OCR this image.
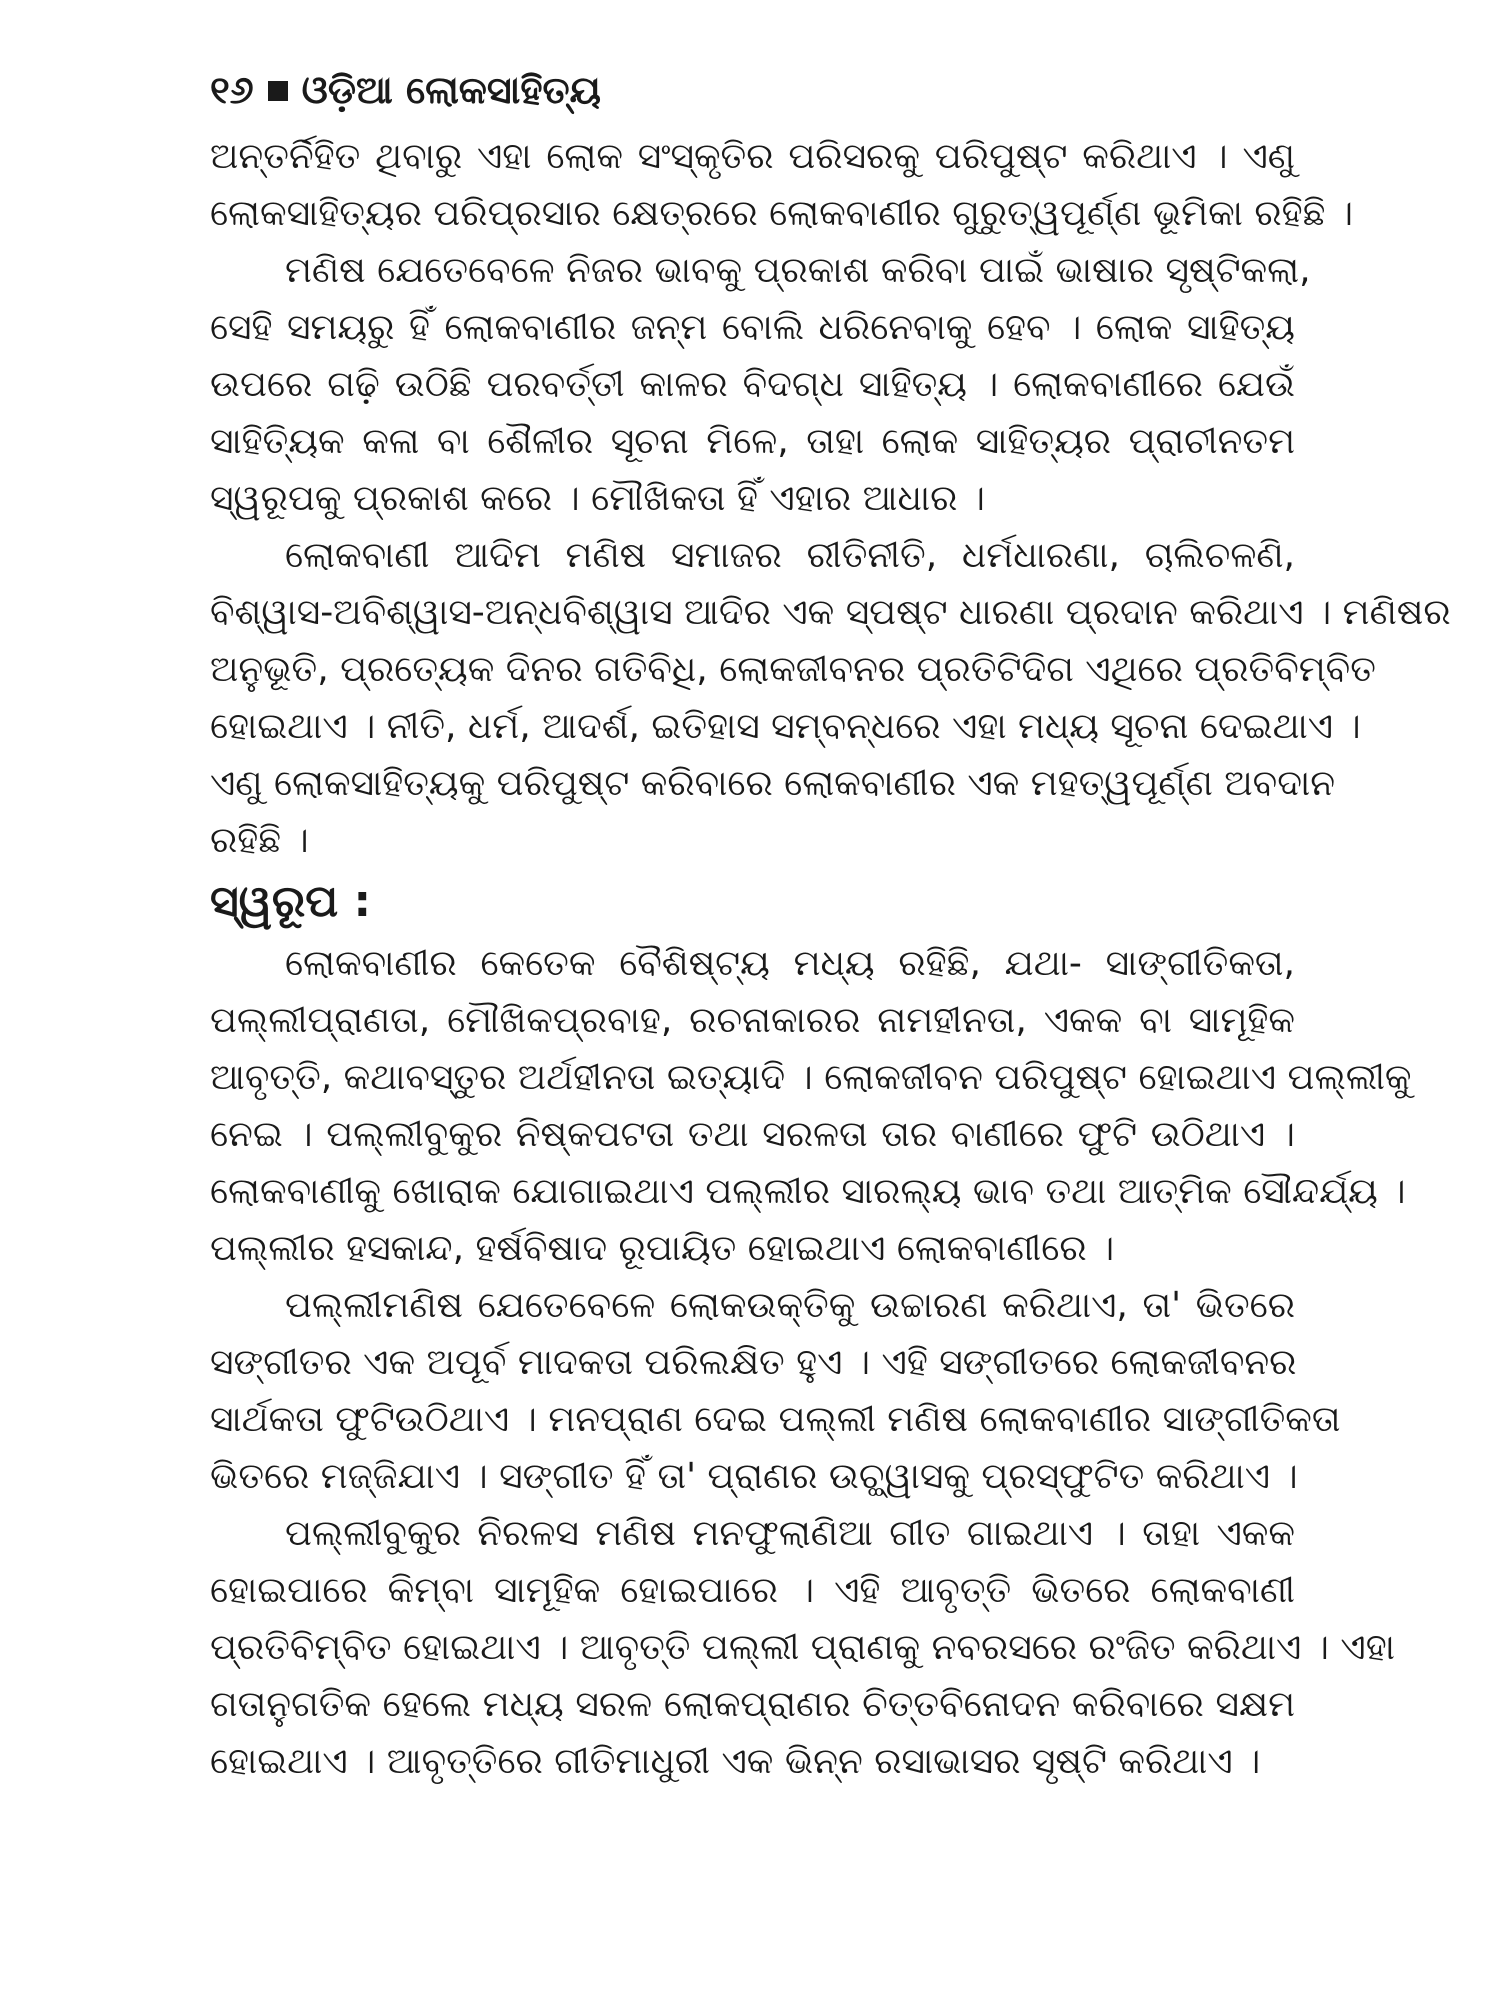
୧୬ ଓଡ଼ିଆ ଲୋକସାହିତ୍ୟ
ଅନ୍ତର୍ନିହିତ ଥିବାରୁ ଏହା ଲୋକ ସଂସ୍କୃତିର ପରିସରକୁ ପରିପୁଷ୍ଟ କରିଥାଏ । ଏଣୁ
ଲୋକସାହିତ୍ୟର ପରିପ୍ରସାର କ୍ଷେତ୍ରରେ ଲୋକବାଣୀର ଗୁରୁତ୍ୱପୂର୍ଣ୍ଣ ଭୂମିକା ରହିଛି ।
ମଣିଷ ଯେତେବେଳେ ନିଜର ଭାବକୁ ପ୍ରକାଶ କରିବା ପାଇଁ ଭାଷାର ସୃଷ୍ଟିକଲା,
ସେହି ସମୟରୁ ହିଁ ଲୋକବାଣୀର ଜନ୍ମ ବୋଲି ଧରିନେବାକୁ ହେବ । ଲୋକ ସାହିତ୍ୟ
ଉପରେ ଗଢ଼ି ଉଠିଛି ପରବର୍ତ୍ତୀ କାଳର ବିଦଗ୍ଧ ସାହିତ୍ୟ । ଲୋକବାଣୀରେ ଯେଉଁ
ସାହିତ୍ୟିକ କଳା ବା ଶୈଳୀର ସୂଚନା ମିଳେ, ତାହା ଲୋକ ସାହିତ୍ୟର ପ୍ରାଚୀନତମ
ସ୍ୱରୂପକୁ ପ୍ରକାଶ କରେ । ମୌଖିକତା ହିଁ ଏହାର ଆଧାର ।
ଲୋକବାଣୀ ଆଦିମ ମଣିଷ ସମାଜର ରୀତିନୀତି, ଧର୍ମଧାରଣା, ଚାଲିଚଳଣି,
ବିଶ୍ୱାସ-ଅବିଶ୍ୱାସ-ଅନ୍ଧବିଶ୍ୱାସ ଆଦିର ଏକ ସ୍ପଷ୍ଟ ଧାରଣା ପ୍ରଦାନ କରିଥାଏ । ମଣିଷର
ଅନୁଭୂତି, ପ୍ରତ୍ୟେକ ଦିନର ଗତିବିଧି, ଲୋକଜୀବନର ପ୍ରତିଟିଦିଗ ଏଥିରେ ପ୍ରତିବିମ୍ବିତ
ହୋଇଥାଏ । ନୀତି, ଧର୍ମ, ଆଦର୍ଶ, ଇତିହାସ ସମ୍ବନ୍ଧରେ ଏହା ମଧ୍ୟ ସୂଚନା ଦେଇଥାଏ ।
ଏଣୁ ଲୋକସାହିତ୍ୟକୁ ପରିପୁଷ୍ଟ କରିବାରେ ଲୋକବାଣୀର ଏକ ମହତ୍ୱପୂର୍ଣ୍ଣ ଅବଦାନ
ରହିଛି ।
ସ୍ୱରୂପ :
ଲୋକବାଣୀର କେତେକ ବୈଶିଷ୍ଟ୍ୟ ମଧ୍ୟ ରହିଛି, ଯଥା- ସାଙ୍ଗୀତିକତା,
ପଲ୍ଲୀପ୍ରାଣତା, ମୌଖିକପ୍ରବାହ, ରଚନାକାରର ନାମହୀନତା, ଏକକ ବା ସାମୂହିକ
ଆବୃତ୍ତି, କଥାବସ୍ତୁର ଅର୍ଥହୀନତା ଇତ୍ୟାଦି । ଲୋକଜୀବନ ପରିପୁଷ୍ଟ ହୋଇଥାଏ ପଲ୍ଲୀକୁ
ନେଇ । ପଲ୍ଲୀବୁକୁର ନିଷ୍କପଟତା ତଥା ସରଳତା ତାର ବାଣୀରେ ଫୁଟି ଉଠିଥାଏ ।
ଲୋକବାଣୀକୁ ଖୋରାକ ଯୋଗାଇଥାଏ ପଲ୍ଲୀର ସାରଲ୍ୟ ଭାବ ତଥା ଆତ୍ମିକ ସୌନ୍ଦର୍ଯ୍ୟ ।
ପଲ୍ଲୀର ହସକାନ୍ଦ, ହର୍ଷବିଷାଦ ରୂପାୟିତ ହୋଇଥାଏ ଲୋକବାଣୀରେ ।
ପଲ୍ଲୀମଣିଷ ଯେତେବେଳେ ଲୋକଉକ୍ତିକୁ ଉଚ୍ଚାରଣ କରିଥାଏ, ତା' ଭିତରେ
ସଙ୍ଗୀତର ଏକ ଅପୂର୍ବ ମାଦକତା ପରିଲକ୍ଷିତ ହୁଏ । ଏହି ସଙ୍ଗୀତରେ ଲୋକଜୀବନର
ସାର୍ଥକତା ଫୁଟିଉଠିଥାଏ । ମନପ୍ରାଣ ଦେଇ ପଲ୍ଲୀ ମଣିଷ ଲୋକବାଣୀର ସାଙ୍ଗୀତିକତା
ଭିତରେ ମଜ୍ଜିଯାଏ । ସଙ୍ଗୀତ ହିଁ ତା' ପ୍ରାଣର ଉଚ୍ଛ୍ୱାସକୁ ପ୍ରସ୍ଫୁଟିତ କରିଥାଏ ।
ପଲ୍ଲୀବୁକୁର ନିରଳସ ମଣିଷ ମନଫୁଲାଣିଆ ଗୀତ ଗାଇଥାଏ । ତାହା ଏକକ
ହୋଇପାରେ କିମ୍ବା ସାମୂହିକ ହୋଇପାରେ । ଏହି ଆବୃତ୍ତି ଭିତରେ ଲୋକବାଣୀ
ପ୍ରତିବିମ୍ବିତ ହୋଇଥାଏ । ଆବୃତ୍ତି ପଲ୍ଲୀ ପ୍ରାଣକୁ ନବରସରେ ରଂଜିତ କରିଥାଏ । ଏହା
ଗତାନୁଗତିକ ହେଲେ ମଧ୍ୟ ସରଳ ଲୋକପ୍ରାଣର ଚିତ୍ତବିନୋଦନ କରିବାରେ ସକ୍ଷମ
ହୋଇଥାଏ । ଆବୃତ୍ତିରେ ଗୀତିମାଧୁରୀ ଏକ ଭିନ୍ନ ରସାଭାସର ସୃଷ୍ଟି କରିଥାଏ ।
